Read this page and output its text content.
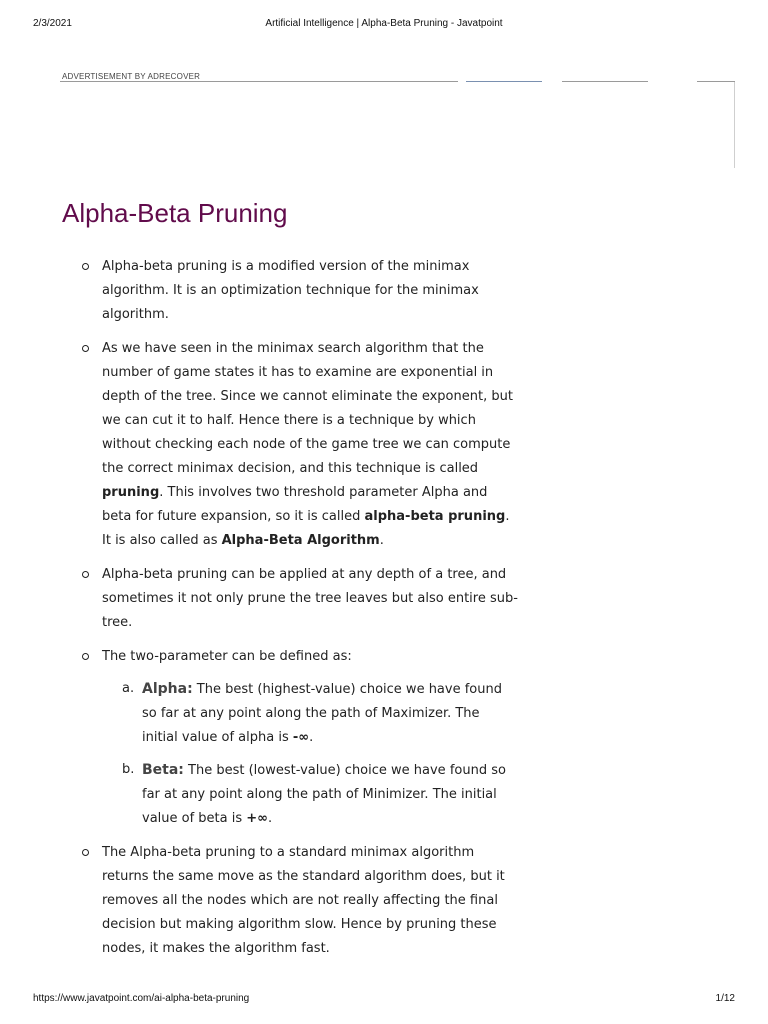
2/3/2021	Artificial Intelligence | Alpha-Beta Pruning - Javatpoint
ADVERTISEMENT BY ADRECOVER
Alpha-Beta Pruning
Alpha-beta pruning is a modified version of the minimax algorithm. It is an optimization technique for the minimax algorithm.
As we have seen in the minimax search algorithm that the number of game states it has to examine are exponential in depth of the tree. Since we cannot eliminate the exponent, but we can cut it to half. Hence there is a technique by which without checking each node of the game tree we can compute the correct minimax decision, and this technique is called pruning. This involves two threshold parameter Alpha and beta for future expansion, so it is called alpha-beta pruning. It is also called as Alpha-Beta Algorithm.
Alpha-beta pruning can be applied at any depth of a tree, and sometimes it not only prune the tree leaves but also entire sub-tree.
The two-parameter can be defined as:
a. Alpha: The best (highest-value) choice we have found so far at any point along the path of Maximizer. The initial value of alpha is -∞.
b. Beta: The best (lowest-value) choice we have found so far at any point along the path of Minimizer. The initial value of beta is +∞.
The Alpha-beta pruning to a standard minimax algorithm returns the same move as the standard algorithm does, but it removes all the nodes which are not really affecting the final decision but making algorithm slow. Hence by pruning these nodes, it makes the algorithm fast.
https://www.javatpoint.com/ai-alpha-beta-pruning	1/12
